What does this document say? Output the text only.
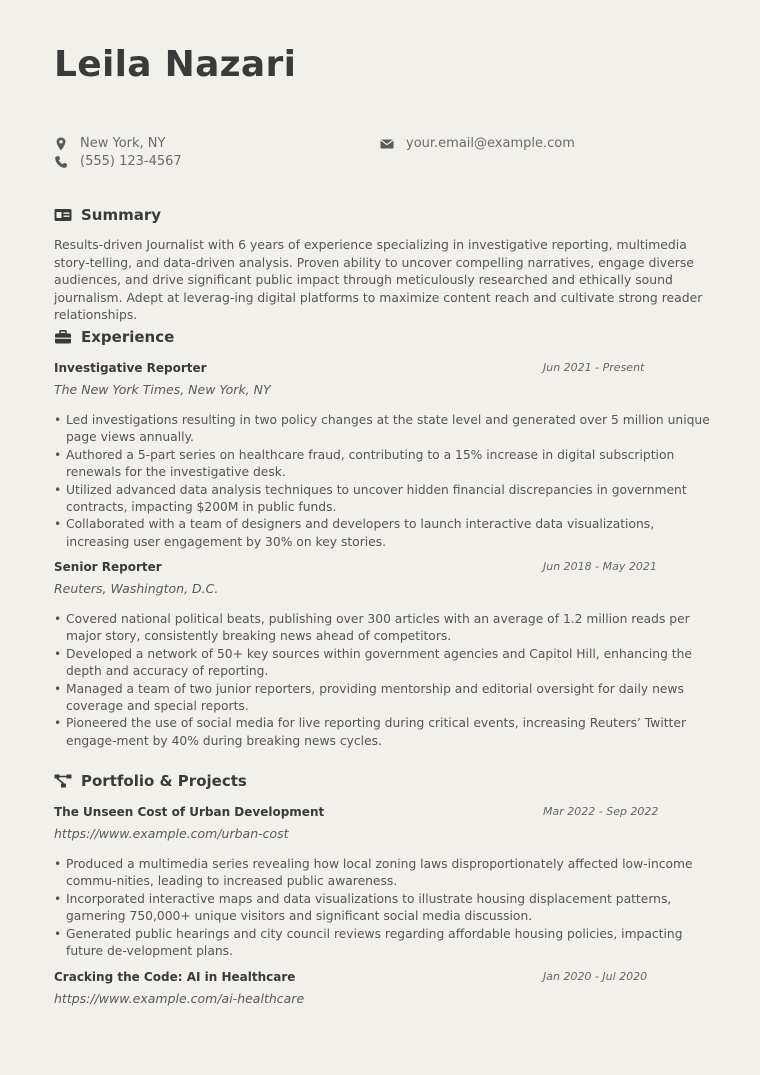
Leila Nazari
New York, NY
(555) 123-4567
your.email@example.com
Summary
Results-driven Journalist with 6 years of experience specializing in investigative reporting, multimedia story-telling, and data-driven analysis. Proven ability to uncover compelling narratives, engage diverse audiences, and drive significant public impact through meticulously researched and ethically sound journalism. Adept at leverag-ing digital platforms to maximize content reach and cultivate strong reader relationships.
Experience
Investigative Reporter	Jun 2021 - Present
The New York Times, New York, NY
• Led investigations resulting in two policy changes at the state level and generated over 5 million unique page views annually.
• Authored a 5-part series on healthcare fraud, contributing to a 15% increase in digital subscription renewals for the investigative desk.
• Utilized advanced data analysis techniques to uncover hidden financial discrepancies in government contracts, impacting $200M in public funds.
• Collaborated with a team of designers and developers to launch interactive data visualizations, increasing user engagement by 30% on key stories.
Senior Reporter	Jun 2018 - May 2021
Reuters, Washington, D.C.
• Covered national political beats, publishing over 300 articles with an average of 1.2 million reads per major story, consistently breaking news ahead of competitors.
• Developed a network of 50+ key sources within government agencies and Capitol Hill, enhancing the depth and accuracy of reporting.
• Managed a team of two junior reporters, providing mentorship and editorial oversight for daily news coverage and special reports.
• Pioneered the use of social media for live reporting during critical events, increasing Reuters’ Twitter engage-ment by 40% during breaking news cycles.
Portfolio & Projects
The Unseen Cost of Urban Development	Mar 2022 - Sep 2022
https://www.example.com/urban-cost
• Produced a multimedia series revealing how local zoning laws disproportionately affected low-income commu-nities, leading to increased public awareness.
• Incorporated interactive maps and data visualizations to illustrate housing displacement patterns, garnering 750,000+ unique visitors and significant social media discussion.
• Generated public hearings and city council reviews regarding affordable housing policies, impacting future de-velopment plans.
Cracking the Code: AI in Healthcare	Jan 2020 - Jul 2020
https://www.example.com/ai-healthcare
